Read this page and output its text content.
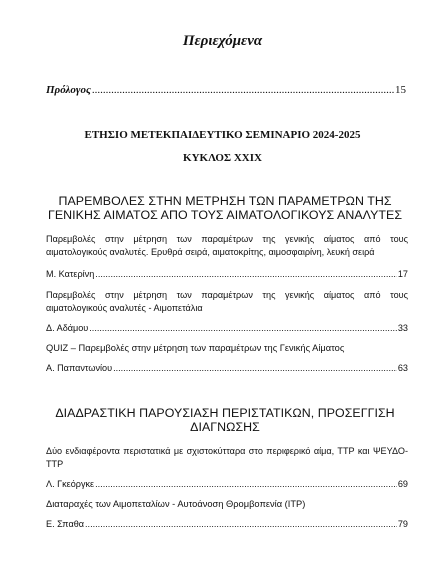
Περιεχόμενα
Πρόλογος .....	15
ΕΤΗΣΙΟ ΜΕΤΕΚΠΑΙΔΕΥΤΙΚΟ ΣΕΜΙΝΑΡΙΟ 2024-2025
ΚΥΚΛΟΣ XXIX
ΠΑΡΕΜΒΟΛΕΣ ΣΤΗΝ ΜΕΤΡΗΣΗ ΤΩΝ ΠΑΡΑΜΕΤΡΩΝ ΤΗΣ
ΓΕΝΙΚΗΣ ΑΙΜΑΤΟΣ ΑΠΟ ΤΟΥΣ ΑΙΜΑΤΟΛΟΓΙΚΟΥΣ ΑΝΑΛΥΤΕΣ
Παρεμβολές στην μέτρηση των παραμέτρων της γενικής αίματος από τους αιματολογικούς αναλυτές. Ερυθρά σειρά, αιματοκρίτης, αιμοσφαιρίνη, λευκή σειρά
Μ. Κατερίνη .....	17
Παρεμβολές στην μέτρηση των παραμέτρων της γενικής αίματος από τους αιματολογικούς αναλυτές - Αιμοπετάλια
Δ. Αδάμου .....	33
QUIZ – Παρεμβολές στην μέτρηση των παραμέτρων της Γενικής Αίματος
Α. Παπαντωνίου .....	63
ΔΙΑΔΡΑΣΤΙΚΗ ΠΑΡΟΥΣΙΑΣΗ ΠΕΡΙΣΤΑΤΙΚΩΝ, ΠΡΟΣΕΓΓΙΣΗ
ΔΙΑΓΝΩΣΗΣ
Δύο ενδιαφέροντα περιστατικά με σχιστοκύτταρα στο περιφερικό αίμα, ΤΤΡ και ΨΕΥΔΟ-ΤΤΡ
Λ. Γκεόργκε .....	69
Διαταραχές των Αιμοπεταλίων - Αυτοάνοση Θρομβοπενία (ΙΤΡ)
Ε. Σπαθα .....	79
